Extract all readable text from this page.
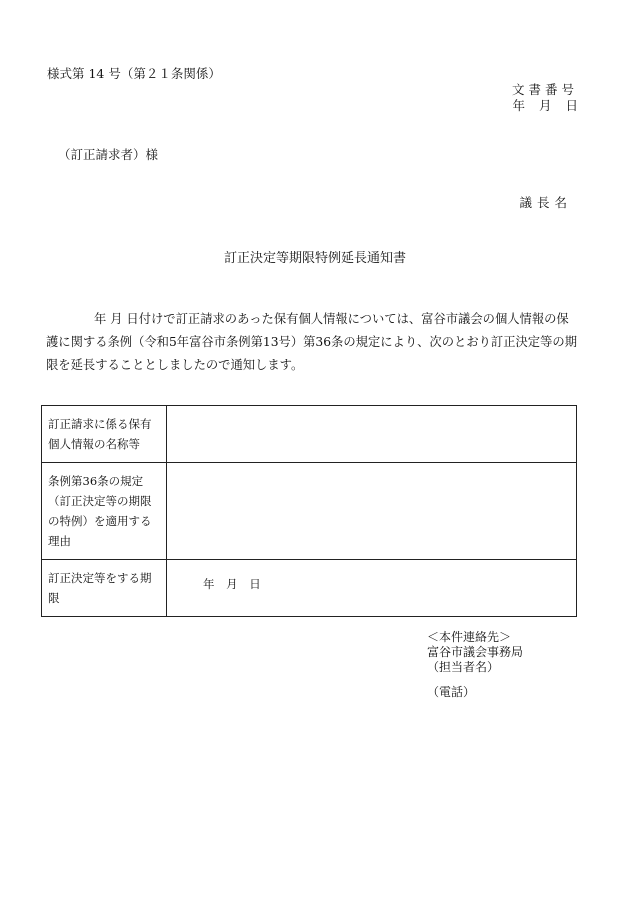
様式第 14 号（第２１条関係）
文書番号
年 月 日
（訂正請求者）様
議長名
訂正決定等期限特例延長通知書
年 月 日付けで訂正請求のあった保有個人情報については、富谷市議会の個人情報の保護に関する条例（令和5年富谷市条例第13号）第36条の規定により、次のとおり訂正決定等の期限を延長することとしましたので通知します。
訂正請求に係る保有個人情報の名称等	
条例第36条の規定（訂正決定等の期限の特例）を適用する理由	
訂正決定等をする期限	年 月 日
＜本件連絡先＞
富谷市議会事務局
（担当者名）
（電話）
